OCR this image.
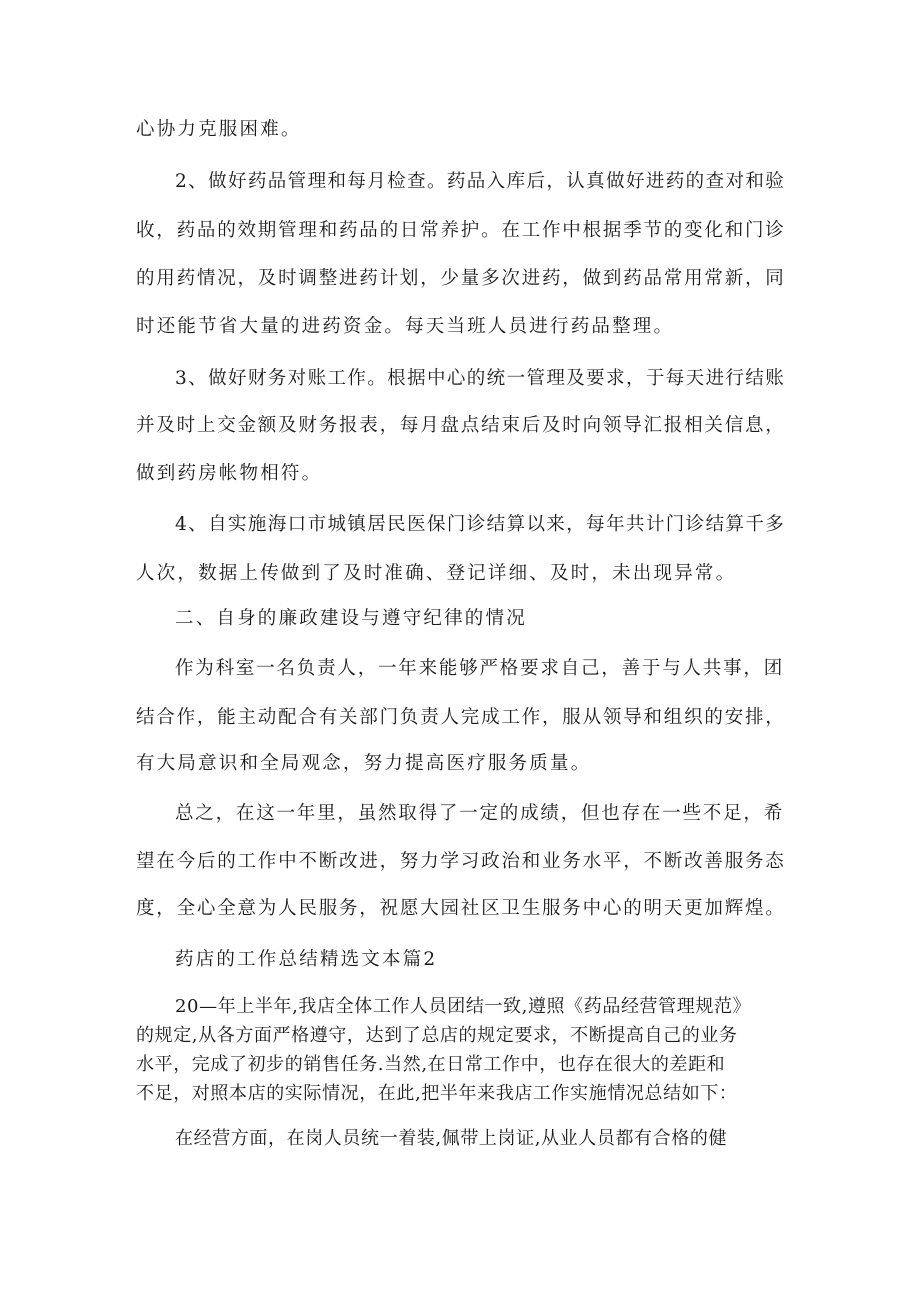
心协力克服困难。
2、做好药品管理和每月检查。药品入库后，认真做好进药的查对和验
收，药品的效期管理和药品的日常养护。在工作中根据季节的变化和门诊
的用药情况，及时调整进药计划，少量多次进药，做到药品常用常新，同
时还能节省大量的进药资金。每天当班人员进行药品整理。
3、做好财务对账工作。根据中心的统一管理及要求，于每天进行结账
并及时上交金额及财务报表，每月盘点结束后及时向领导汇报相关信息，
做到药房帐物相符。
4、自实施海口市城镇居民医保门诊结算以来，每年共计门诊结算千多
人次，数据上传做到了及时准确、登记详细、及时，未出现异常。
二、自身的廉政建设与遵守纪律的情况
作为科室一名负责人，一年来能够严格要求自己，善于与人共事，团
结合作，能主动配合有关部门负责人完成工作，服从领导和组织的安排，
有大局意识和全局观念，努力提高医疗服务质量。
总之，在这一年里，虽然取得了一定的成绩，但也存在一些不足，希
望在今后的工作中不断改进，努力学习政治和业务水平，不断改善服务态
度，全心全意为人民服务，祝愿大园社区卫生服务中心的明天更加辉煌。
药店的工作总结精选文本篇2
20—年上半年,我店全体工作人员团结一致,遵照《药品经营管理规范》
的规定,从各方面严格遵守，达到了总店的规定要求，不断提高自己的业务
水平，完成了初步的销售任务.当然,在日常工作中，也存在很大的差距和
不足，对照本店的实际情况，在此,把半年来我店工作实施情况总结如下：
在经营方面，在岗人员统一着装,佩带上岗证,从业人员都有合格的健
